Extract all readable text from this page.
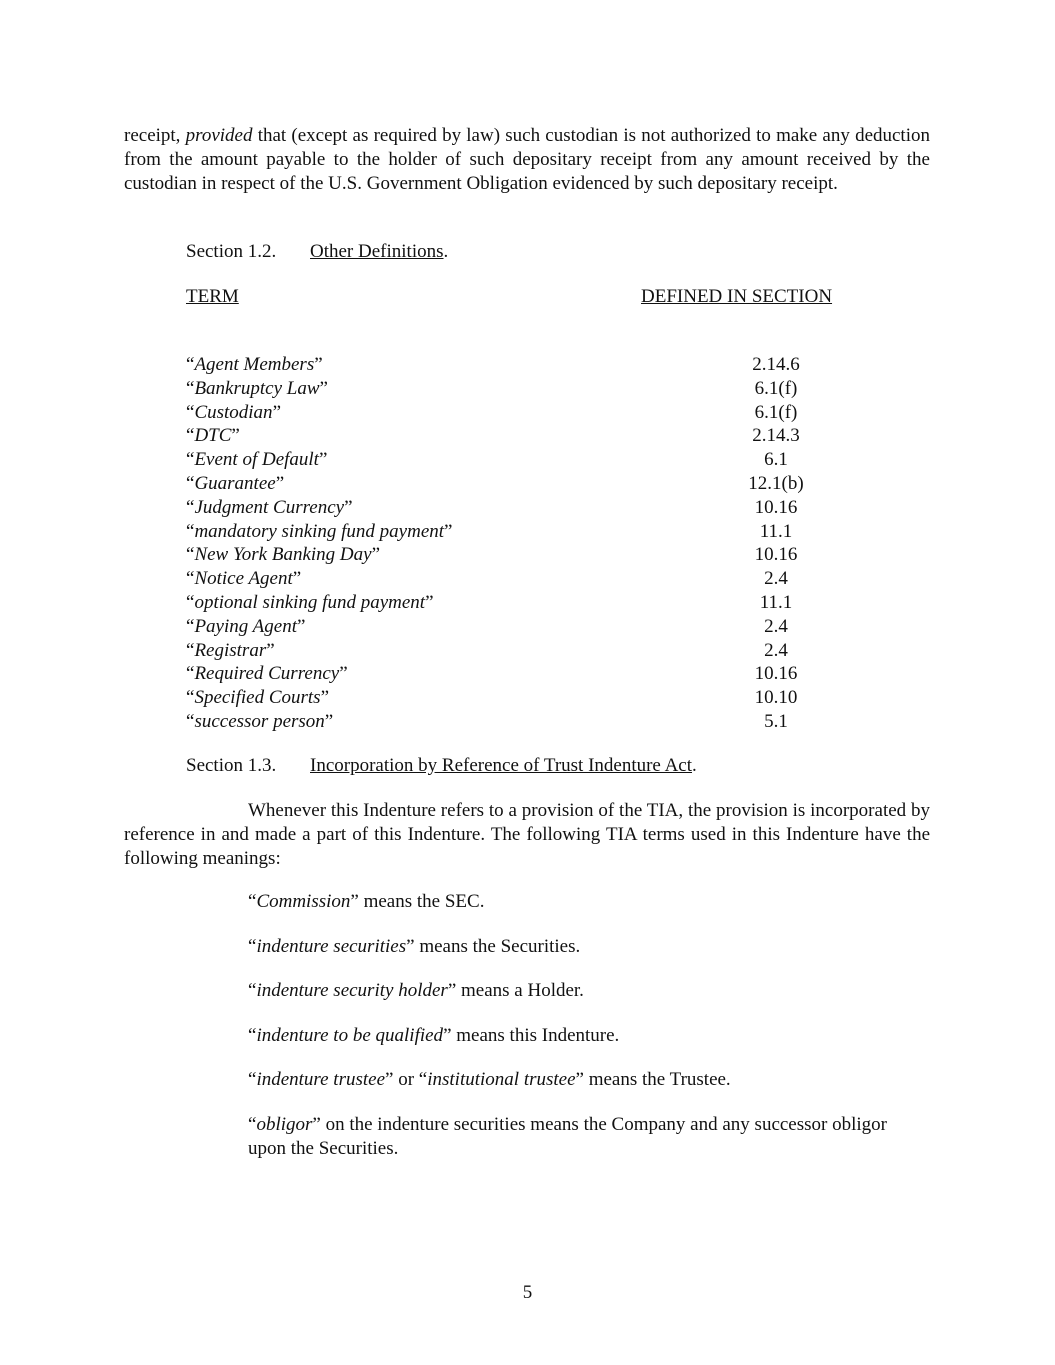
receipt, provided that (except as required by law) such custodian is not authorized to make any deduction from the amount payable to the holder of such depositary receipt from any amount received by the custodian in respect of the U.S. Government Obligation evidenced by such depositary receipt.

Section 1.2. Other Definitions.
TERM	DEFINED IN SECTION
“Agent Members”	2.14.6
“Bankruptcy Law”	6.1(f)
“Custodian”	6.1(f)
“DTC”	2.14.3
“Event of Default”	6.1
“Guarantee”	12.1(b)
“Judgment Currency”	10.16
“mandatory sinking fund payment”	11.1
“New York Banking Day”	10.16
“Notice Agent”	2.4
“optional sinking fund payment”	11.1
“Paying Agent”	2.4
“Registrar”	2.4
“Required Currency”	10.16
“Specified Courts”	10.10
“successor person”	5.1
Section 1.3. Incorporation by Reference of Trust Indenture Act.

Whenever this Indenture refers to a provision of the TIA, the provision is incorporated by reference in and made a part of this Indenture. The following TIA terms used in this Indenture have the following meanings:

“Commission” means the SEC.
“indenture securities” means the Securities.
“indenture security holder” means a Holder.
“indenture to be qualified” means this Indenture.
“indenture trustee” or “institutional trustee” means the Trustee.
“obligor” on the indenture securities means the Company and any successor obligor upon the Securities.
5
